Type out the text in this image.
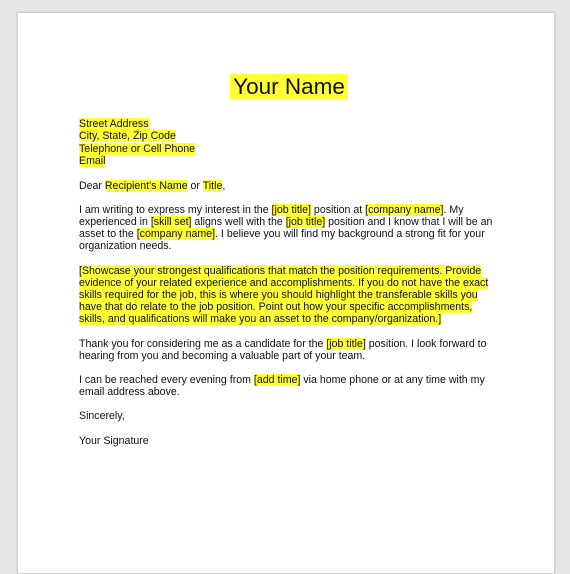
Your Name
Street Address
City, State, Zip Code
Telephone or Cell Phone
Email

Dear Recipient's Name or Title,

I am writing to express my interest in the [job title] position at [company name]. My experienced in [skill set] aligns well with the [job title] position and I know that I will be an asset to the [company name]. I believe you will find my background a strong fit for your organization needs.

[Showcase your strongest qualifications that match the position requirements. Provide evidence of your related experience and accomplishments. If you do not have the exact skills required for the job, this is where you should highlight the transferable skills you have that do relate to the job position. Point out how your specific accomplishments, skills, and qualifications will make you an asset to the company/organization.]

Thank you for considering me as a candidate for the [job title] position. I look forward to hearing from you and becoming a valuable part of your team.

I can be reached every evening from [add time] via home phone or at any time with my email address above.

Sincerely,

Your Signature
